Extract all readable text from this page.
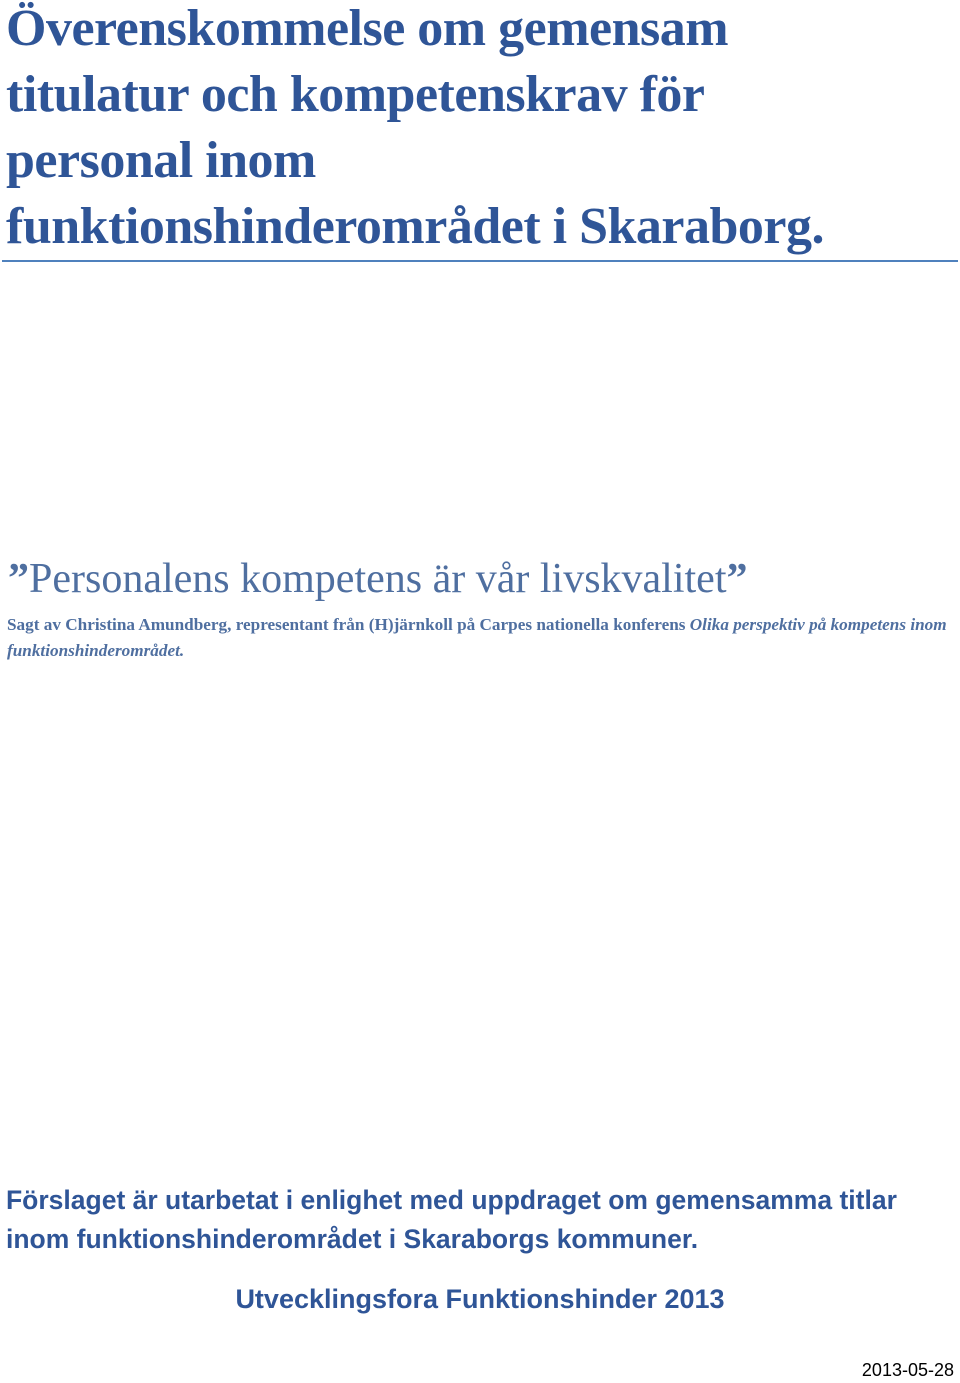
Överenskommelse om gemensam
titulatur och kompetenskrav för
personal inom
funktionshinderområdet i Skaraborg.
”Personalens kompetens är vår livskvalitet”
Sagt av Christina Amundberg, representant från (H)järnkoll på Carpes nationella konferens Olika perspektiv på kompetens inom funktionshinderområdet.
Förslaget är utarbetat i enlighet med uppdraget om gemensamma titlar inom funktionshinderområdet i Skaraborgs kommuner.
Utvecklingsfora Funktionshinder 2013
2013-05-28
